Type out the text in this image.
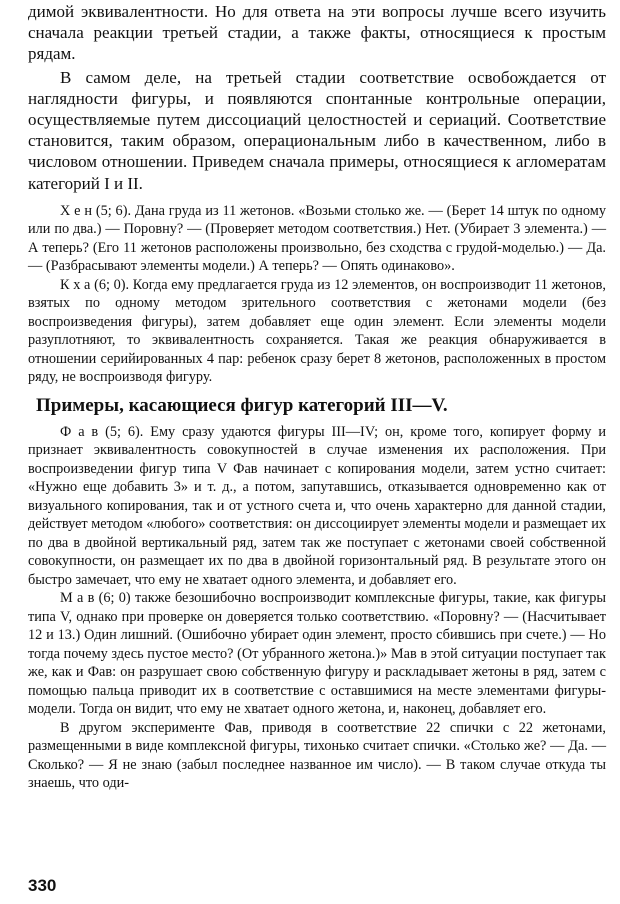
димой эквивалентности. Но для ответа на эти вопросы лучше всего изучить сначала реакции третьей стадии, а также факты, относящиеся к простым рядам.

В самом деле, на третьей стадии соответствие освобождается от наглядности фигуры, и появляются спонтанные контрольные операции, осуществляемые путем диссоциаций целостностей и сериаций. Соответствие становится, таким образом, операциональным либо в качественном, либо в числовом отношении. Приведем сначала примеры, относящиеся к агломератам категорий I и II.

Х е н (5; 6). Дана груда из 11 жетонов. «Возьми столько же. — (Берет 14 штук по одному или по два.) — Поровну? — (Проверяет методом соответствия.) Нет. (Убирает 3 элемента.) — А теперь? (Его 11 жетонов расположены произвольно, без сходства с грудой-моделью.) — Да.— (Разбрасывают элементы модели.) А теперь? — Опять одинаково».

К х а (6; 0). Когда ему предлагается груда из 12 элементов, он воспроизводит 11 жетонов, взятых по одному методом зрительного соответствия с жетонами модели (без воспроизведения фигуры), затем добавляет еще один элемент. Если элементы модели разуплотняют, то эквивалентность сохраняется. Такая же реакция обнаруживается в отношении серийированных 4 пар: ребенок сразу берет 8 жетонов, расположенных в простом ряду, не воспроизводя фигуру.

Примеры, касающиеся фигур категорий III—V.

Ф а в (5; 6). Ему сразу удаются фигуры III—IV; он, кроме того, копирует форму и признает эквивалентность совокупностей в случае изменения их расположения. При воспроизведении фигур типа V Фав начинает с копирования модели, затем устно считает: «Нужно еще добавить 3» и т. д., а потом, запутавшись, отказывается одновременно как от визуального копирования, так и от устного счета и, что очень характерно для данной стадии, действует методом «любого» соответствия: он диссоциирует элементы модели и размещает их по два в двойной вертикальный ряд, затем так же поступает с жетонами своей собственной совокупности, он размещает их по два в двойной горизонтальный ряд. В результате этого он быстро замечает, что ему не хватает одного элемента, и добавляет его.

М а в (6; 0) также безошибочно воспроизводит комплексные фигуры, такие, как фигуры типа V, однако при проверке он доверяется только соответствию. «Поровну? — (Насчитывает 12 и 13.) Один лишний. (Ошибочно убирает один элемент, просто сбившись при счете.) — Но тогда почему здесь пустое место? (От убранного жетона.)» Мав в этой ситуации поступает так же, как и Фав: он разрушает свою собственную фигуру и раскладывает жетоны в ряд, затем с помощью пальца приводит их в соответствие с оставшимися на месте элементами фигуры-модели. Тогда он видит, что ему не хватает одного жетона, и, наконец, добавляет его.

В другом эксперименте Фав, приводя в соответствие 22 спички с 22 жетонами, размещенными в виде комплексной фигуры, тихонько считает спички. «Столько же? — Да. — Сколько? — Я не знаю (забыл последнее названное им число). — В таком случае откуда ты знаешь, что оди-

330
